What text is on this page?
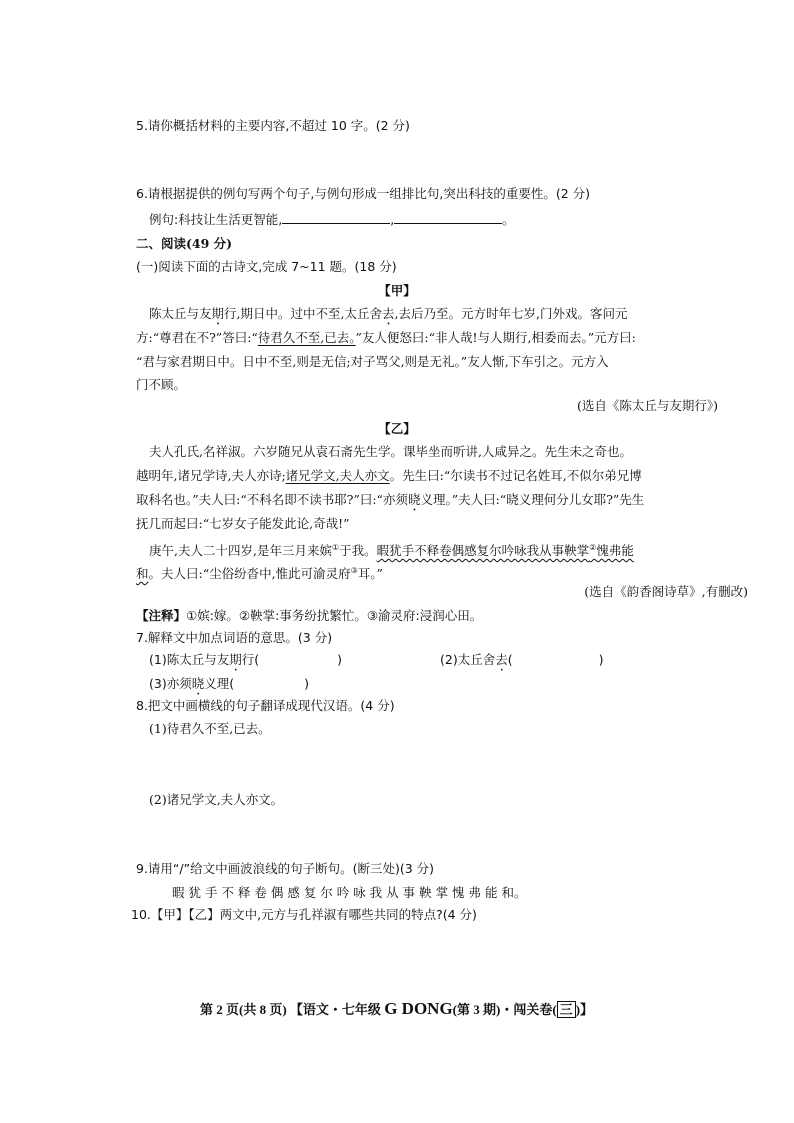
5.请你概括材料的主要内容,不超过 10 字。(2 分)
6.请根据提供的例句写两个句子,与例句形成一组排比句,突出科技的重要性。(2 分)
例句:科技让生活更智能,	,	。
二、阅读(49 分)
(一)阅读下面的古诗文,完成 7~11 题。(18 分)
【甲】
陈太丘与友期行,期日中。过中不至,太丘舍去,去后乃至。元方时年七岁,门外戏。客问元
方:“尊君在不?”答曰:“待君久不至,已去。”友人便怒曰:“非人哉!与人期行,相委而去。”元方曰:
“君与家君期日中。日中不至,则是无信;对子骂父,则是无礼。”友人惭,下车引之。元方入
门不顾。
(选自《陈太丘与友期行》)
【乙】
夫人孔氏,名祥淑。六岁随兄从袁石斋先生学。课毕坐而听讲,人咸异之。先生未之奇也。
越明年,诸兄学诗,夫人亦诗;诸兄学文,夫人亦文。先生曰:“尔读书不过记名姓耳,不似尔弟兄博
取科名也。”夫人曰:“不科名即不读书耶?”曰:“亦须晓义理。”夫人曰:“晓义理何分儿女耶?”先生
抚几而起曰:“七岁女子能发此论,奇哉!”
庚午,夫人二十四岁,是年三月来嫔①于我。暇犹手不释卷偶感复尔吟咏我从事鞅掌②愧弗能
和。夫人曰:“尘俗纷沓中,惟此可渝灵府③耳。”
(选自《韵香阁诗草》,有删改)
【注释】①嫔:嫁。②鞅掌:事务纷扰繁忙。③渝灵府:浸润心田。
7.解释文中加点词语的意思。(3 分)
(1)陈太丘与友期行(	)	(2)太丘舍去(	)
(3)亦须晓义理(	)
8.把文中画横线的句子翻译成现代汉语。(4 分)
(1)待君久不至,已去。
(2)诸兄学文,夫人亦文。
9.请用“/”给文中画波浪线的句子断句。(断三处)(3 分)
暇 犹 手 不 释 卷 偶 感 复 尔 吟 咏 我 从 事 鞅 掌 愧 弗 能 和。
10.【甲】【乙】两文中,元方与孔祥淑有哪些共同的特点?(4 分)
第 2 页(共 8 页) 【语文・七年级 G DONG(第 3 期)・闯关卷( 三 )】
